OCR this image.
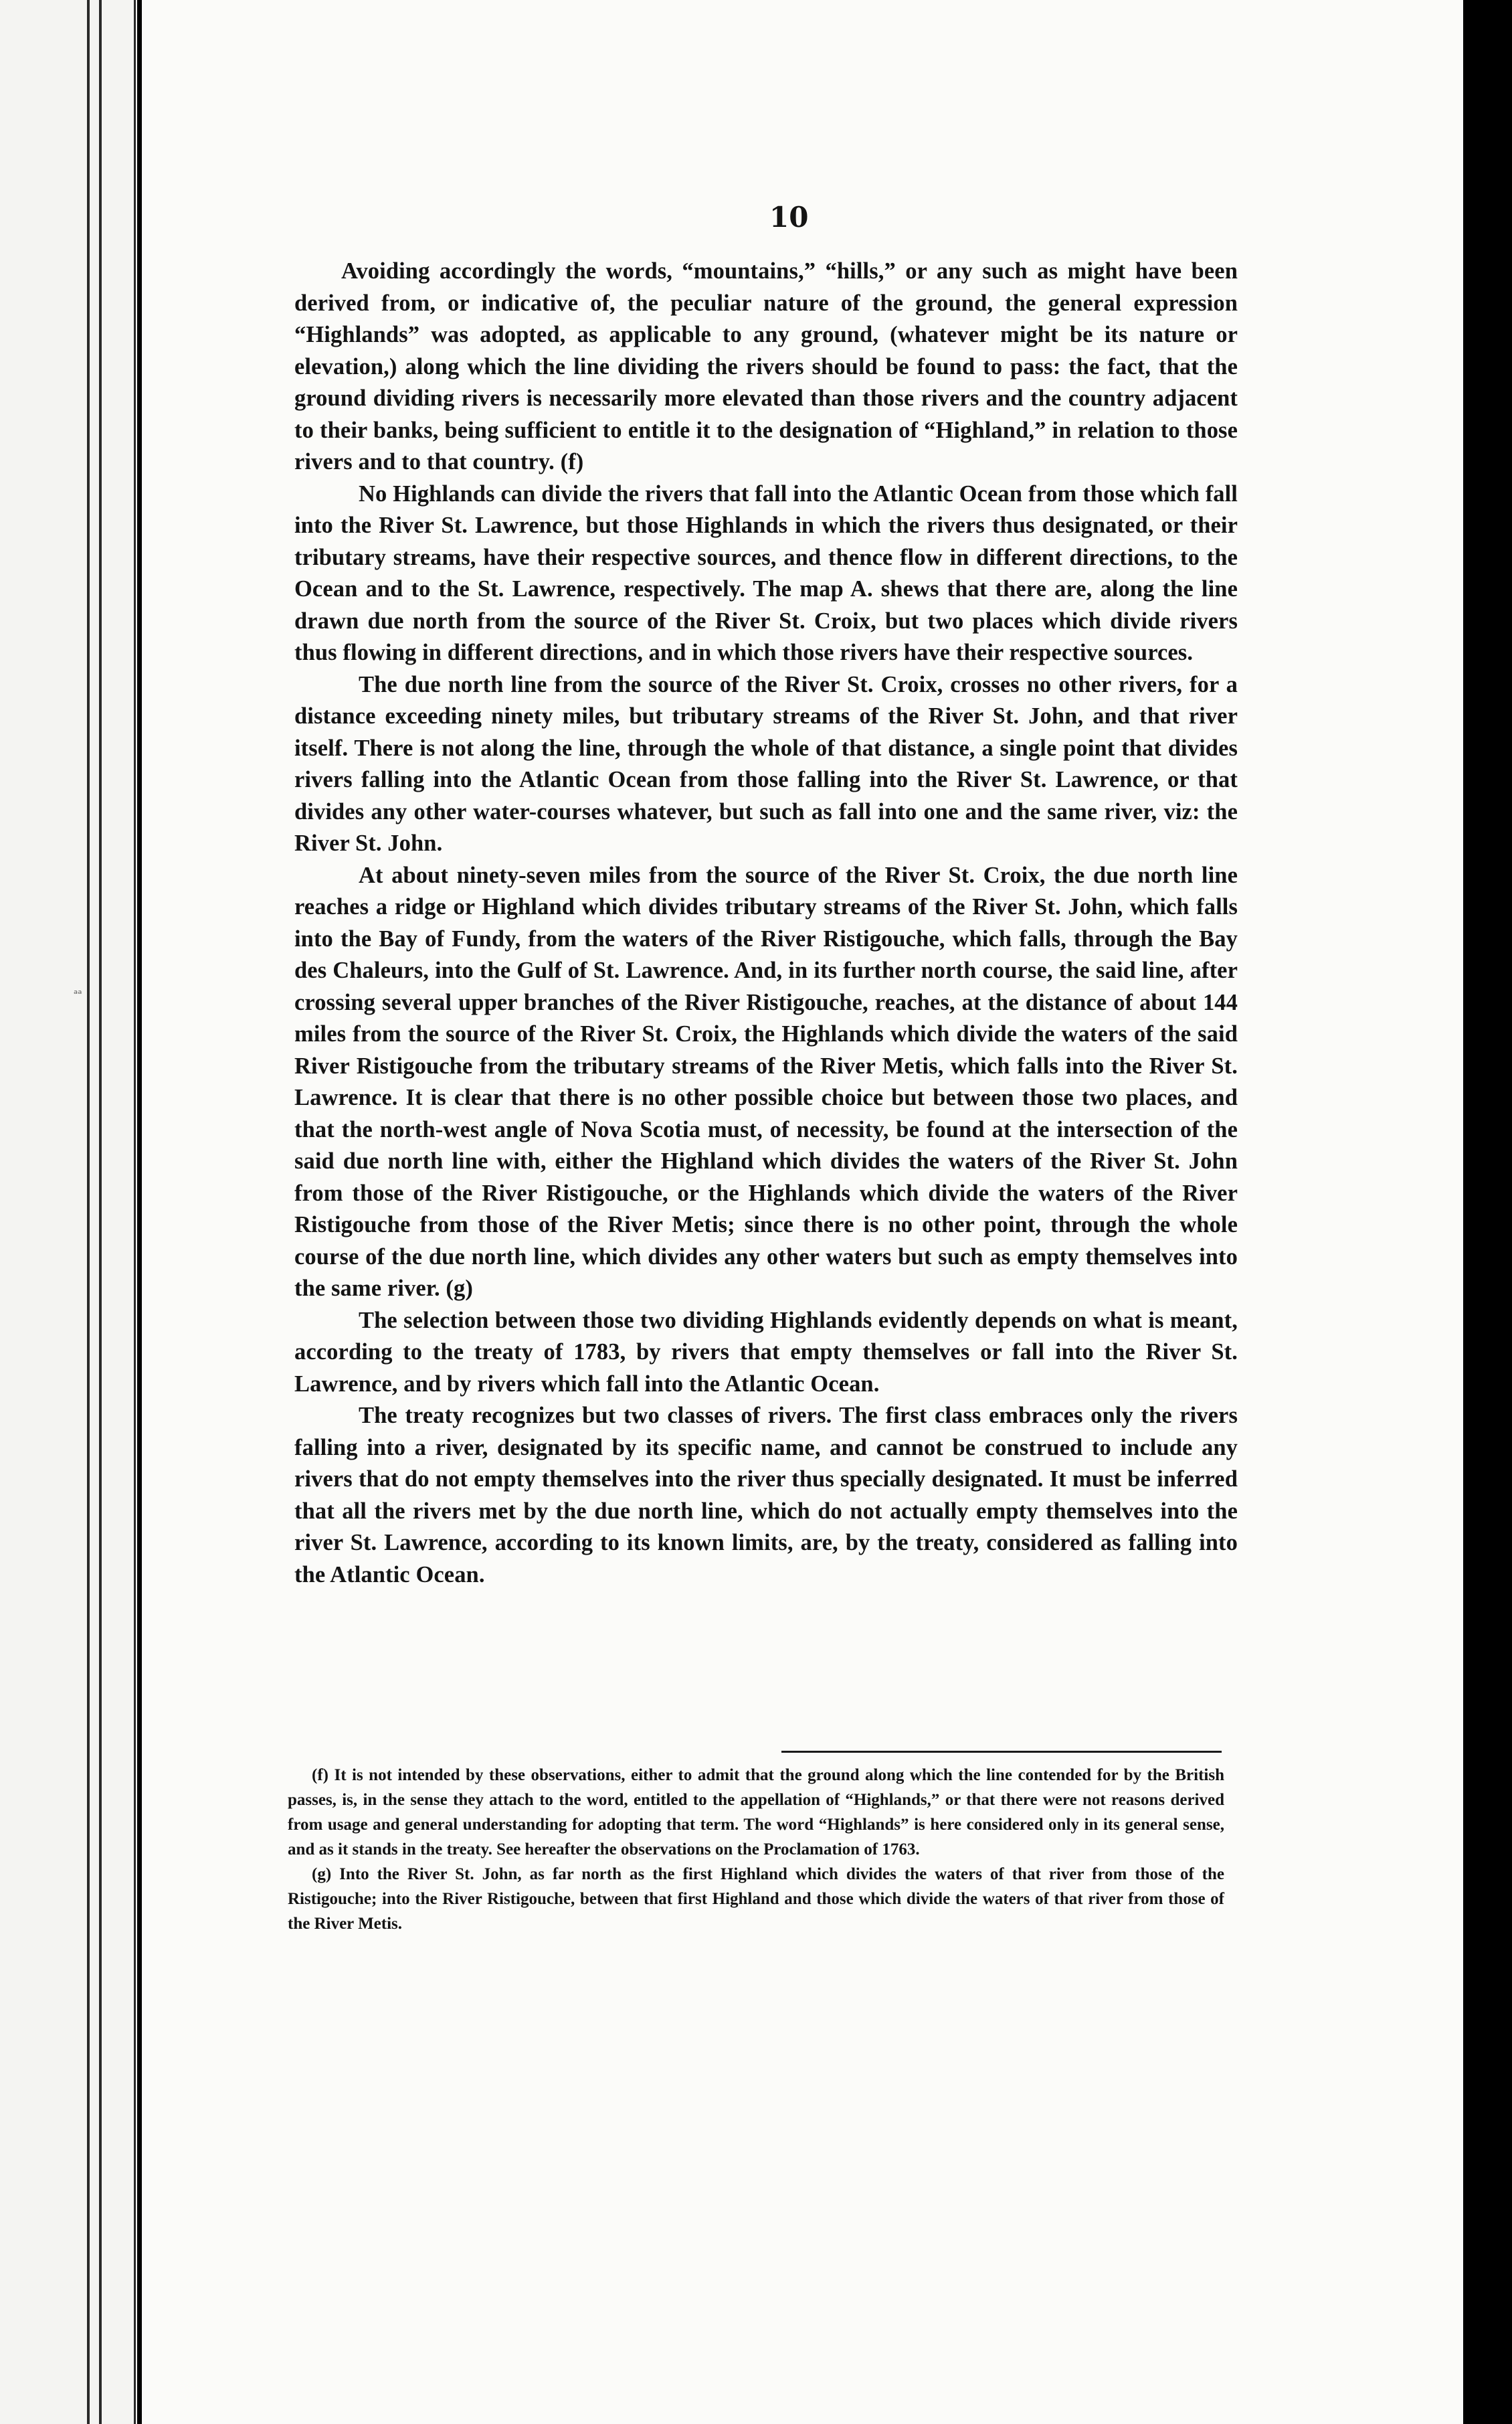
ₐₐ
10

Avoiding accordingly the words, “mountains,” “hills,” or any such as might have been derived from, or indicative of, the peculiar nature of the ground, the general expression “Highlands” was adopted, as applicable to any ground, (whatever might be its nature or elevation,) along which the line dividing the rivers should be found to pass: the fact, that the ground dividing rivers is necessarily more elevated than those rivers and the country adjacent to their banks, being sufficient to entitle it to the designation of “Highland,” in relation to those rivers and to that country. (f)

No Highlands can divide the rivers that fall into the Atlantic Ocean from those which fall into the River St. Lawrence, but those Highlands in which the rivers thus designated, or their tributary streams, have their respective sources, and thence flow in different directions, to the Ocean and to the St. Lawrence, respectively. The map A. shews that there are, along the line drawn due north from the source of the River St. Croix, but two places which divide rivers thus flowing in different directions, and in which those rivers have their respective sources.

The due north line from the source of the River St. Croix, crosses no other rivers, for a distance exceeding ninety miles, but tributary streams of the River St. John, and that river itself. There is not along the line, through the whole of that distance, a single point that divides rivers falling into the Atlantic Ocean from those falling into the River St. Lawrence, or that divides any other water-courses whatever, but such as fall into one and the same river, viz: the River St. John.

At about ninety-seven miles from the source of the River St. Croix, the due north line reaches a ridge or Highland which divides tributary streams of the River St. John, which falls into the Bay of Fundy, from the waters of the River Ristigouche, which falls, through the Bay des Chaleurs, into the Gulf of St. Lawrence. And, in its further north course, the said line, after crossing several upper branches of the River Ristigouche, reaches, at the distance of about 144 miles from the source of the River St. Croix, the Highlands which divide the waters of the said River Ristigouche from the tributary streams of the River Metis, which falls into the River St. Lawrence. It is clear that there is no other possible choice but between those two places, and that the north-west angle of Nova Scotia must, of necessity, be found at the intersection of the said due north line with, either the Highland which divides the waters of the River St. John from those of the River Ristigouche, or the Highlands which divide the waters of the River Ristigouche from those of the River Metis; since there is no other point, through the whole course of the due north line, which divides any other waters but such as empty themselves into the same river. (g)

The selection between those two dividing Highlands evidently depends on what is meant, according to the treaty of 1783, by rivers that empty themselves or fall into the River St. Lawrence, and by rivers which fall into the Atlantic Ocean.

The treaty recognizes but two classes of rivers. The first class embraces only the rivers falling into a river, designated by its specific name, and cannot be construed to include any rivers that do not empty themselves into the river thus specially designated. It must be inferred that all the rivers met by the due north line, which do not actually empty themselves into the river St. Lawrence, according to its known limits, are, by the treaty, considered as falling into the Atlantic Ocean.

(f) It is not intended by these observations, either to admit that the ground along which the line contended for by the British passes, is, in the sense they attach to the word, entitled to the appellation of “Highlands,” or that there were not reasons derived from usage and general understanding for adopting that term. The word “Highlands” is here considered only in its general sense, and as it stands in the treaty. See hereafter the observations on the Proclamation of 1763.

(g) Into the River St. John, as far north as the first Highland which divides the waters of that river from those of the Ristigouche; into the River Ristigouche, between that first Highland and those which divide the waters of that river from those of the River Metis.
